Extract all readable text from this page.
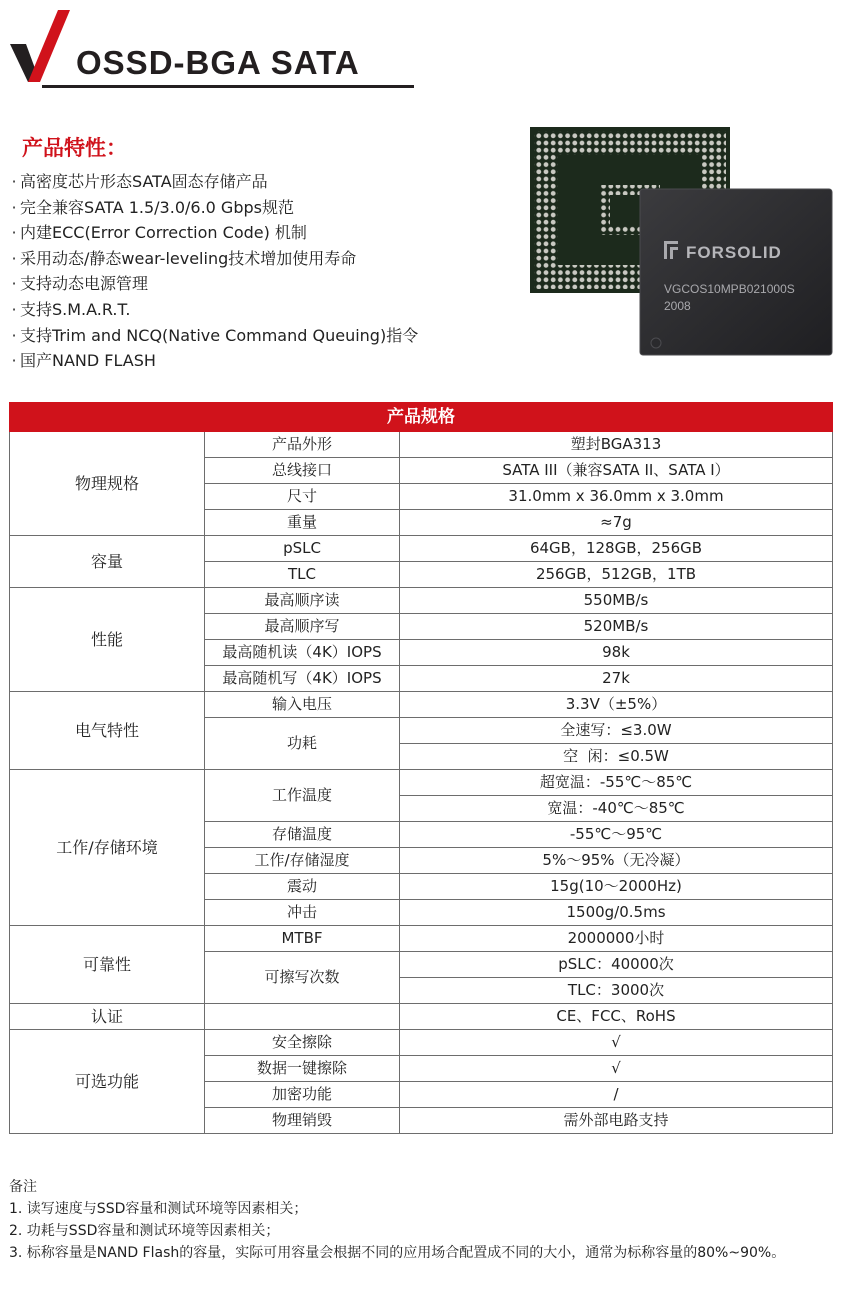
OSSD-BGA SATA
产品特性：
· 高密度芯片形态SATA固态存储产品
· 完全兼容SATA 1.5/3.0/6.0 Gbps规范
· 内建ECC(Error Correction Code) 机制
· 采用动态/静态wear-leveling技术增加使用寿命
· 支持动态电源管理
· 支持S.M.A.R.T.
· 支持Trim and NCQ(Native Command Queuing)指令
· 国产NAND FLASH
FORSOLID
VGCOS10MPB021000S
2008
产品规格		
物理规格	产品外形	塑封BGA313
	总线接口	SATA III（兼容SATA II、SATA I）
	尺寸	31.0mm x 36.0mm x 3.0mm
	重量	≈7g
容量	pSLC	64GB，128GB，256GB
	TLC	256GB，512GB，1TB
性能	最高顺序读	550MB/s
	最高顺序写	520MB/s
	最高随机读（4K）IOPS	98k
	最高随机写（4K）IOPS	27k
电气特性	输入电压	3.3V（±5%）
	功耗	全速写：≤3.0W
		空  闲：≤0.5W
工作/存储环境	工作温度	超宽温：-55℃～85℃
		宽温：-40℃～85℃
	存储温度	-55℃～95℃
	工作/存储湿度	5%～95%（无冷凝）
	震动	15g(10～2000Hz)
	冲击	1500g/0.5ms
可靠性	MTBF	2000000小时
	可擦写次数	pSLC：40000次
		TLC：3000次
认证		CE、FCC、RoHS
可选功能	安全擦除	√
	数据一键擦除	√
	加密功能	/
	物理销毁	需外部电路支持

备注

1. 读写速度与SSD容量和测试环境等因素相关；

2. 功耗与SSD容量和测试环境等因素相关；

3. 标称容量是NAND Flash的容量，实际可用容量会根据不同的应用场合配置成不同的大小，通常为标称容量的80%~90%。
